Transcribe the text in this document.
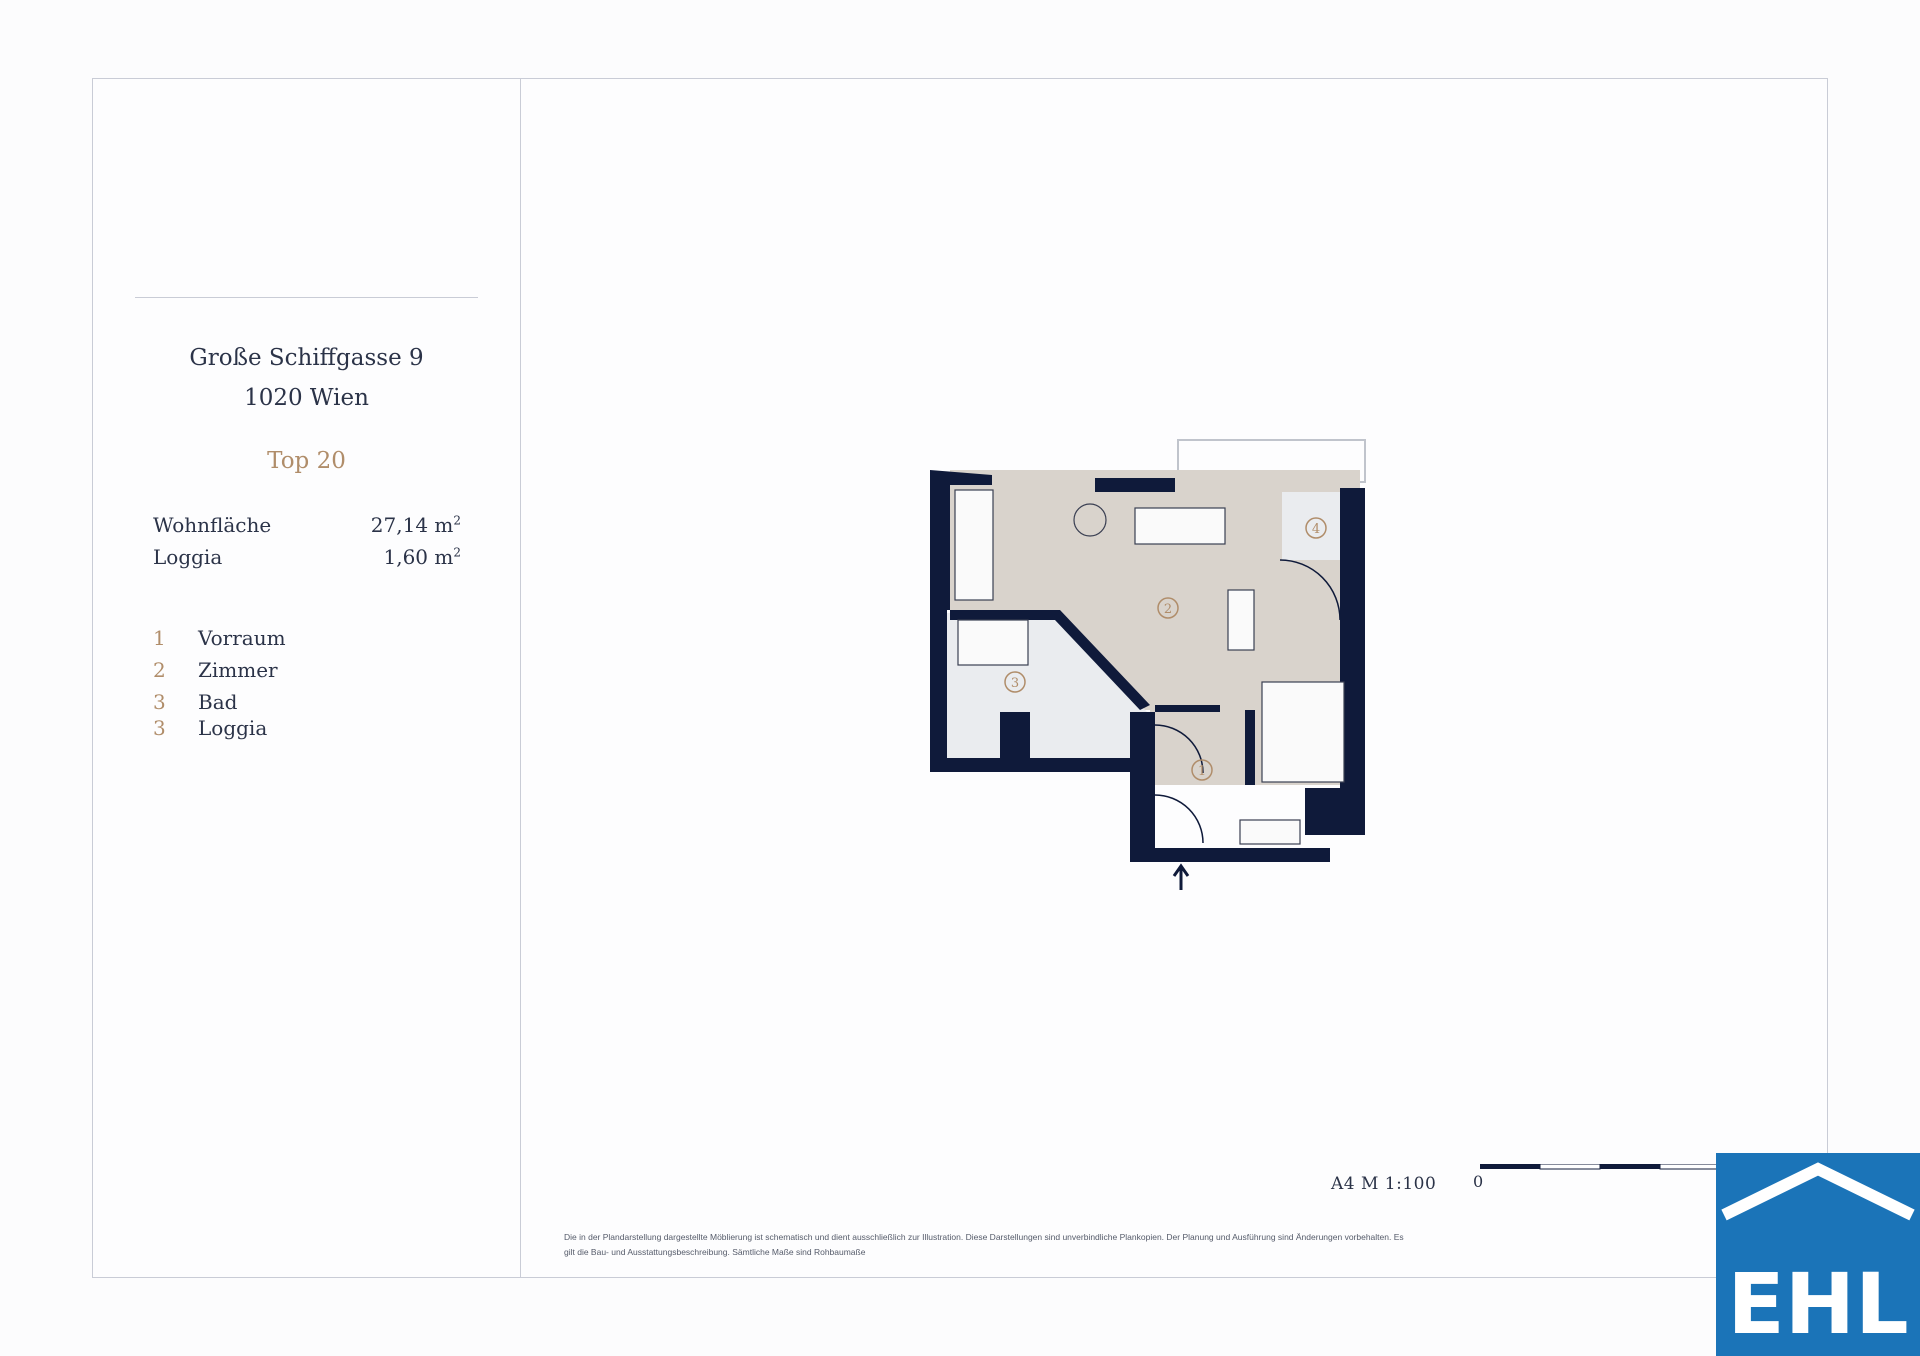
Große Schiffgasse 9
1020 Wien
Top 20
Wohnfläche	27,14 $m^2$
Loggia	1,60 $m^2$
1 Vorraum
2 Zimmer
3 Bad
3 Loggia
2
3
1
4
A4 M 1:100 0
Die in der Plandarstellung dargestellte Möblierung ist schematisch und dient ausschließlich zur Illustration. Diese Darstellungen sind unverbindliche Plankopien. Der Planung und Ausführung sind Änderungen vorbehalten. Es
gilt die Bau- und Ausstattungsbeschreibung. Sämtliche Maße sind Rohbaumaße
EHL
